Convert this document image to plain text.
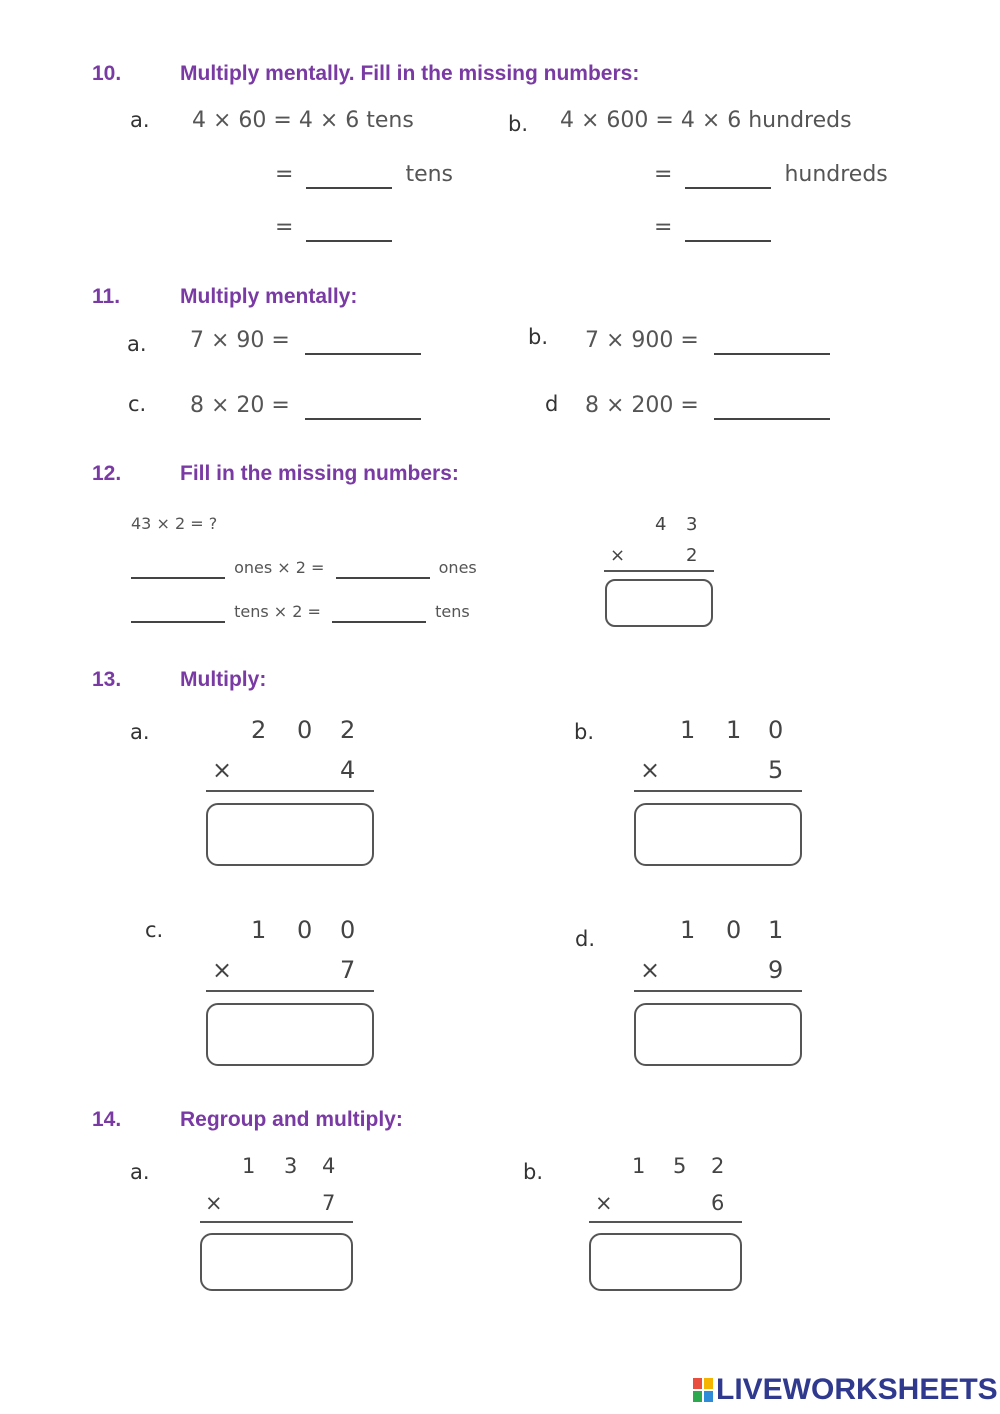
10.	Multiply mentally. Fill in the missing numbers:
a. 4 × 60 = 4 × 6 tens
=	tens
=
b. 4 × 600 = 4 × 6 hundreds
=	hundreds
=
11.	Multiply mentally:
a. 7 × 90 =	b. 7 × 900 =
c. 8 × 20 =	d 8 × 200 =
12.	Fill in the missing numbers:
43 × 2 = ?
ones × 2 =	ones
tens × 2 =	tens
4 3
×	2
13.	Multiply:
a.	2 0 2
×	4
b.	1 1 0
×	5
c.	1 0 0
×	7
d.	1 0 1
×	9
14.	Regroup and multiply:
a.	1 3 4
×	7
b.	1 5 2
×	6
LIVEWORKSHEETS
